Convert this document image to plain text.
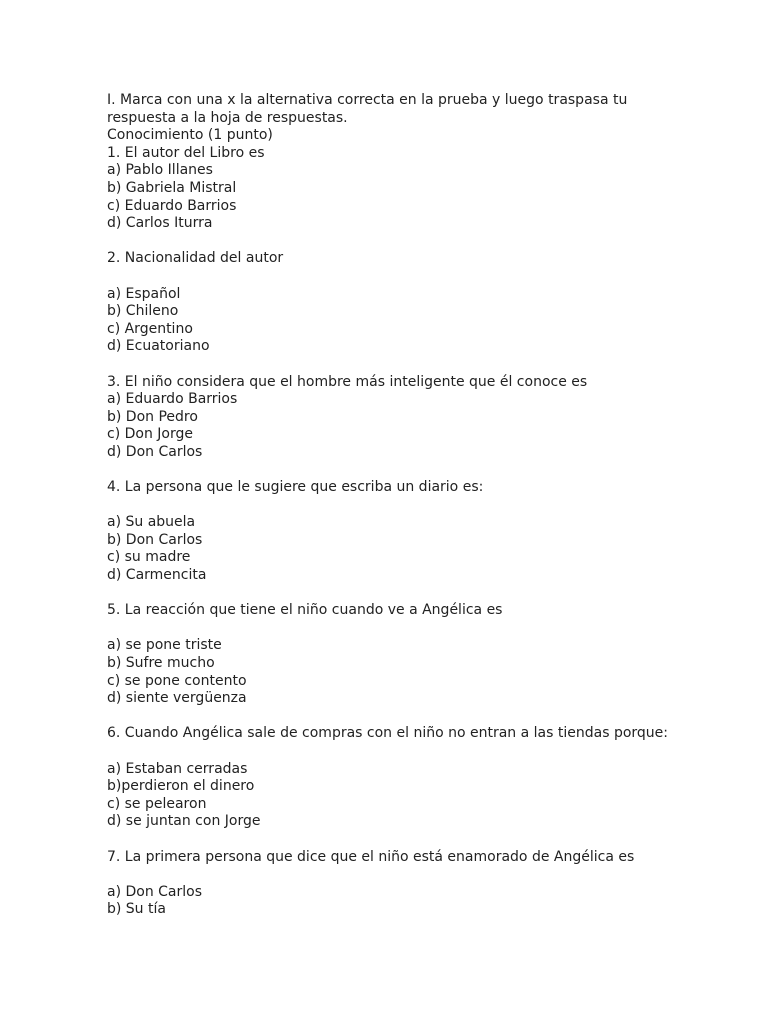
I. Marca con una x la alternativa correcta en la prueba y luego traspasa tu
respuesta a la hoja de respuestas.
Conocimiento (1 punto)
1. El autor del Libro es
a) Pablo Illanes
b) Gabriela Mistral
c) Eduardo Barrios
d) Carlos Iturra
2. Nacionalidad del autor
a) Español
b) Chileno
c) Argentino
d) Ecuatoriano
3. El niño considera que el hombre más inteligente que él conoce es
a) Eduardo Barrios
b) Don Pedro
c) Don Jorge
d) Don Carlos
4. La persona que le sugiere que escriba un diario es:
a) Su abuela
b) Don Carlos
c) su madre
d) Carmencita
5. La reacción que tiene el niño cuando ve a Angélica es
a) se pone triste
b) Sufre mucho
c) se pone contento
d) siente vergüenza
6. Cuando Angélica sale de compras con el niño no entran a las tiendas porque:
a) Estaban cerradas
b)perdieron el dinero
c) se pelearon
d) se juntan con Jorge
7. La primera persona que dice que el niño está enamorado de Angélica es
a) Don Carlos
b) Su tía
